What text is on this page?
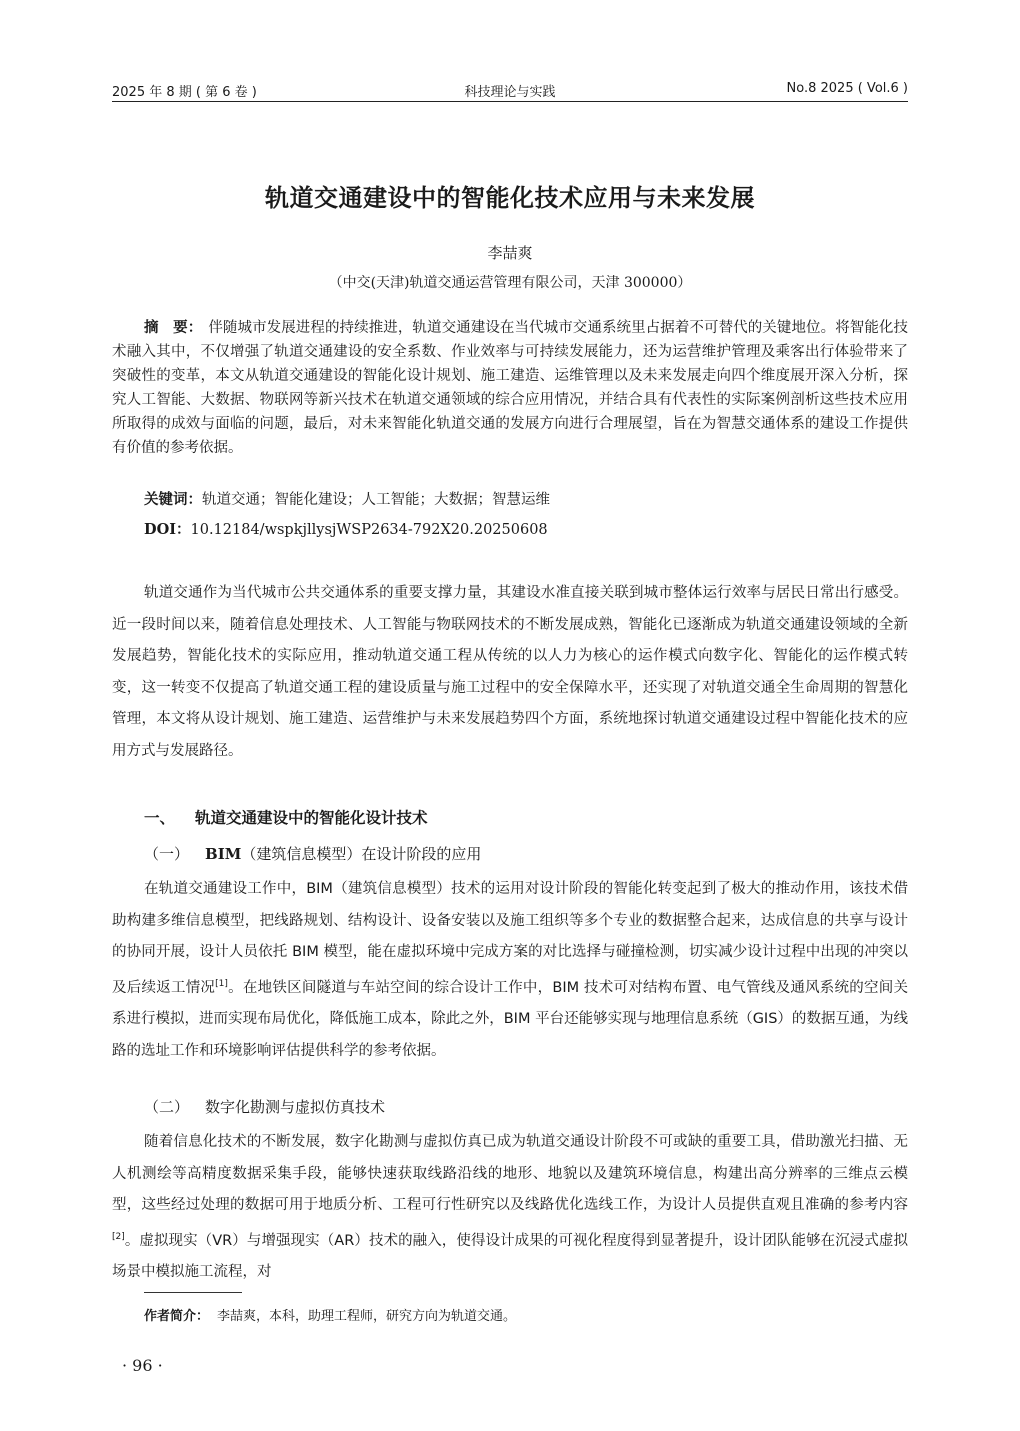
2025 年 8 期 ( 第 6 卷 )	科技理论与实践	No.8 2025 ( Vol.6 )
轨道交通建设中的智能化技术应用与未来发展
李喆爽
（中交(天津)轨道交通运营管理有限公司，天津 300000）
摘　要： 伴随城市发展进程的持续推进，轨道交通建设在当代城市交通系统里占据着不可替代的关键地位。将智能化技术融入其中，不仅增强了轨道交通建设的安全系数、作业效率与可持续发展能力，还为运营维护管理及乘客出行体验带来了突破性的变革，本文从轨道交通建设的智能化设计规划、施工建造、运维管理以及未来发展走向四个维度展开深入分析，探究人工智能、大数据、物联网等新兴技术在轨道交通领域的综合应用情况，并结合具有代表性的实际案例剖析这些技术应用所取得的成效与面临的问题，最后，对未来智能化轨道交通的发展方向进行合理展望，旨在为智慧交通体系的建设工作提供有价值的参考依据。
关键词：轨道交通；智能化建设；人工智能；大数据；智慧运维
DOI：10.12184/wspkjllysjWSP2634-792X20.20250608
轨道交通作为当代城市公共交通体系的重要支撑力量，其建设水准直接关联到城市整体运行效率与居民日常出行感受。近一段时间以来，随着信息处理技术、人工智能与物联网技术的不断发展成熟，智能化已逐渐成为轨道交通建设领域的全新发展趋势，智能化技术的实际应用，推动轨道交通工程从传统的以人力为核心的运作模式向数字化、智能化的运作模式转变，这一转变不仅提高了轨道交通工程的建设质量与施工过程中的安全保障水平，还实现了对轨道交通全生命周期的智慧化管理，本文将从设计规划、施工建造、运营维护与未来发展趋势四个方面，系统地探讨轨道交通建设过程中智能化技术的应用方式与发展路径。
一、 轨道交通建设中的智能化设计技术
（一） BIM（建筑信息模型）在设计阶段的应用
在轨道交通建设工作中，BIM（建筑信息模型）技术的运用对设计阶段的智能化转变起到了极大的推动作用，该技术借助构建多维信息模型，把线路规划、结构设计、设备安装以及施工组织等多个专业的数据整合起来，达成信息的共享与设计的协同开展，设计人员依托 BIM 模型，能在虚拟环境中完成方案的对比选择与碰撞检测，切实减少设计过程中出现的冲突以及后续返工情况[1]。在地铁区间隧道与车站空间的综合设计工作中，BIM 技术可对结构布置、电气管线及通风系统的空间关系进行模拟，进而实现布局优化，降低施工成本，除此之外，BIM 平台还能够实现与地理信息系统（GIS）的数据互通，为线路的选址工作和环境影响评估提供科学的参考依据。
（二） 数字化勘测与虚拟仿真技术
随着信息化技术的不断发展，数字化勘测与虚拟仿真已成为轨道交通设计阶段不可或缺的重要工具，借助激光扫描、无人机测绘等高精度数据采集手段，能够快速获取线路沿线的地形、地貌以及建筑环境信息，构建出高分辨率的三维点云模型，这些经过处理的数据可用于地质分析、工程可行性研究以及线路优化选线工作，为设计人员提供直观且准确的参考内容[2]。虚拟现实（VR）与增强现实（AR）技术的融入，使得设计成果的可视化程度得到显著提升，设计团队能够在沉浸式虚拟场景中模拟施工流程，对
作者简介： 李喆爽，本科，助理工程师，研究方向为轨道交通。
· 96 ·
